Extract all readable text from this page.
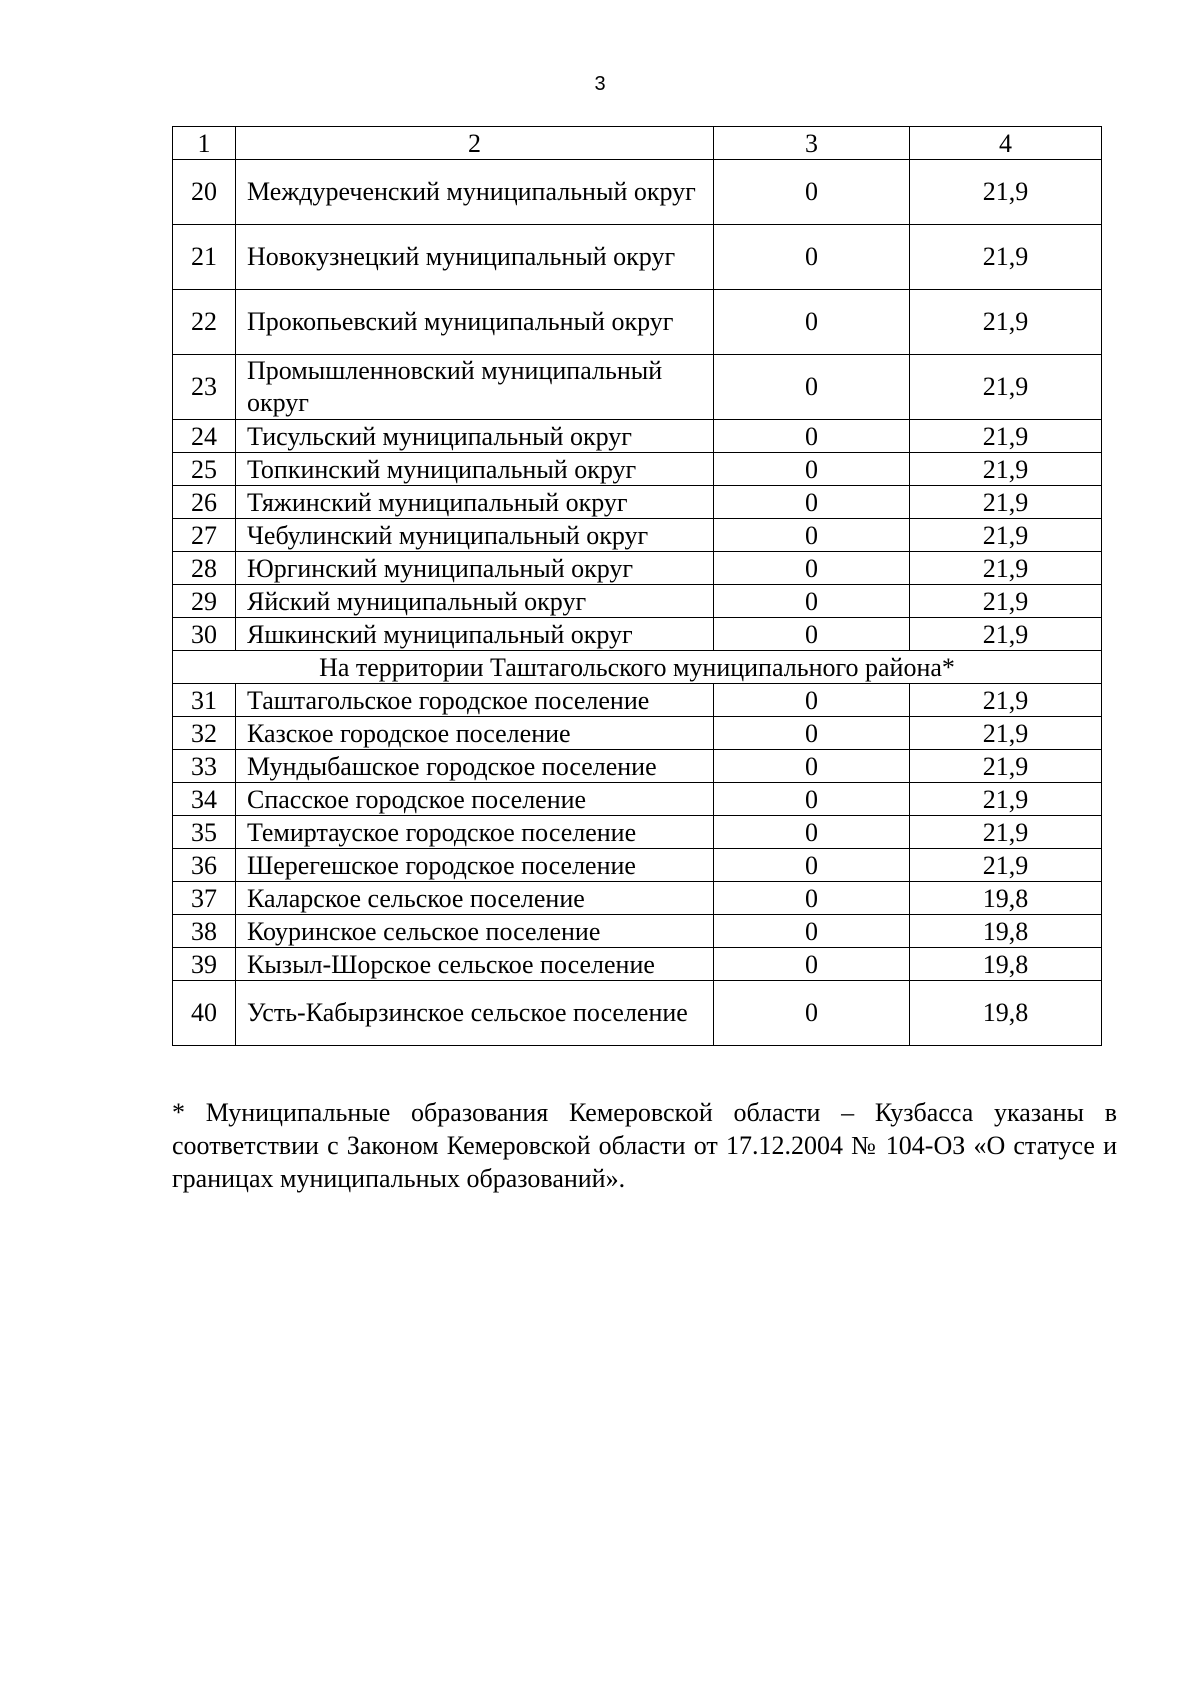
3
1	2	3	4
20	Междуреченский муниципальный округ	0	21,9
21	Новокузнецкий муниципальный округ	0	21,9
22	Прокопьевский муниципальный округ	0	21,9
23	Промышленновский муниципальный округ	0	21,9
24	Тисульский муниципальный округ	0	21,9
25	Топкинский муниципальный округ	0	21,9
26	Тяжинский муниципальный округ	0	21,9
27	Чебулинский муниципальный округ	0	21,9
28	Юргинский муниципальный округ	0	21,9
29	Яйский муниципальный округ	0	21,9
30	Яшкинский муниципальный округ	0	21,9
На территории Таштагольского муниципального района*			
31	Таштагольское городское поселение	0	21,9
32	Казское городское поселение	0	21,9
33	Мундыбашское городское поселение	0	21,9
34	Спасское городское поселение	0	21,9
35	Темиртауское городское поселение	0	21,9
36	Шерегешское городское поселение	0	21,9
37	Каларское сельское поселение	0	19,8
38	Коуринское сельское поселение	0	19,8
39	Кызыл-Шорское сельское поселение	0	19,8
40	Усть-Кабырзинское сельское поселение	0	19,8
* Муниципальные образования Кемеровской области – Кузбасса указаны в соответствии с Законом Кемеровской области от 17.12.2004 № 104-ОЗ «О статусе и границах муниципальных образований».
